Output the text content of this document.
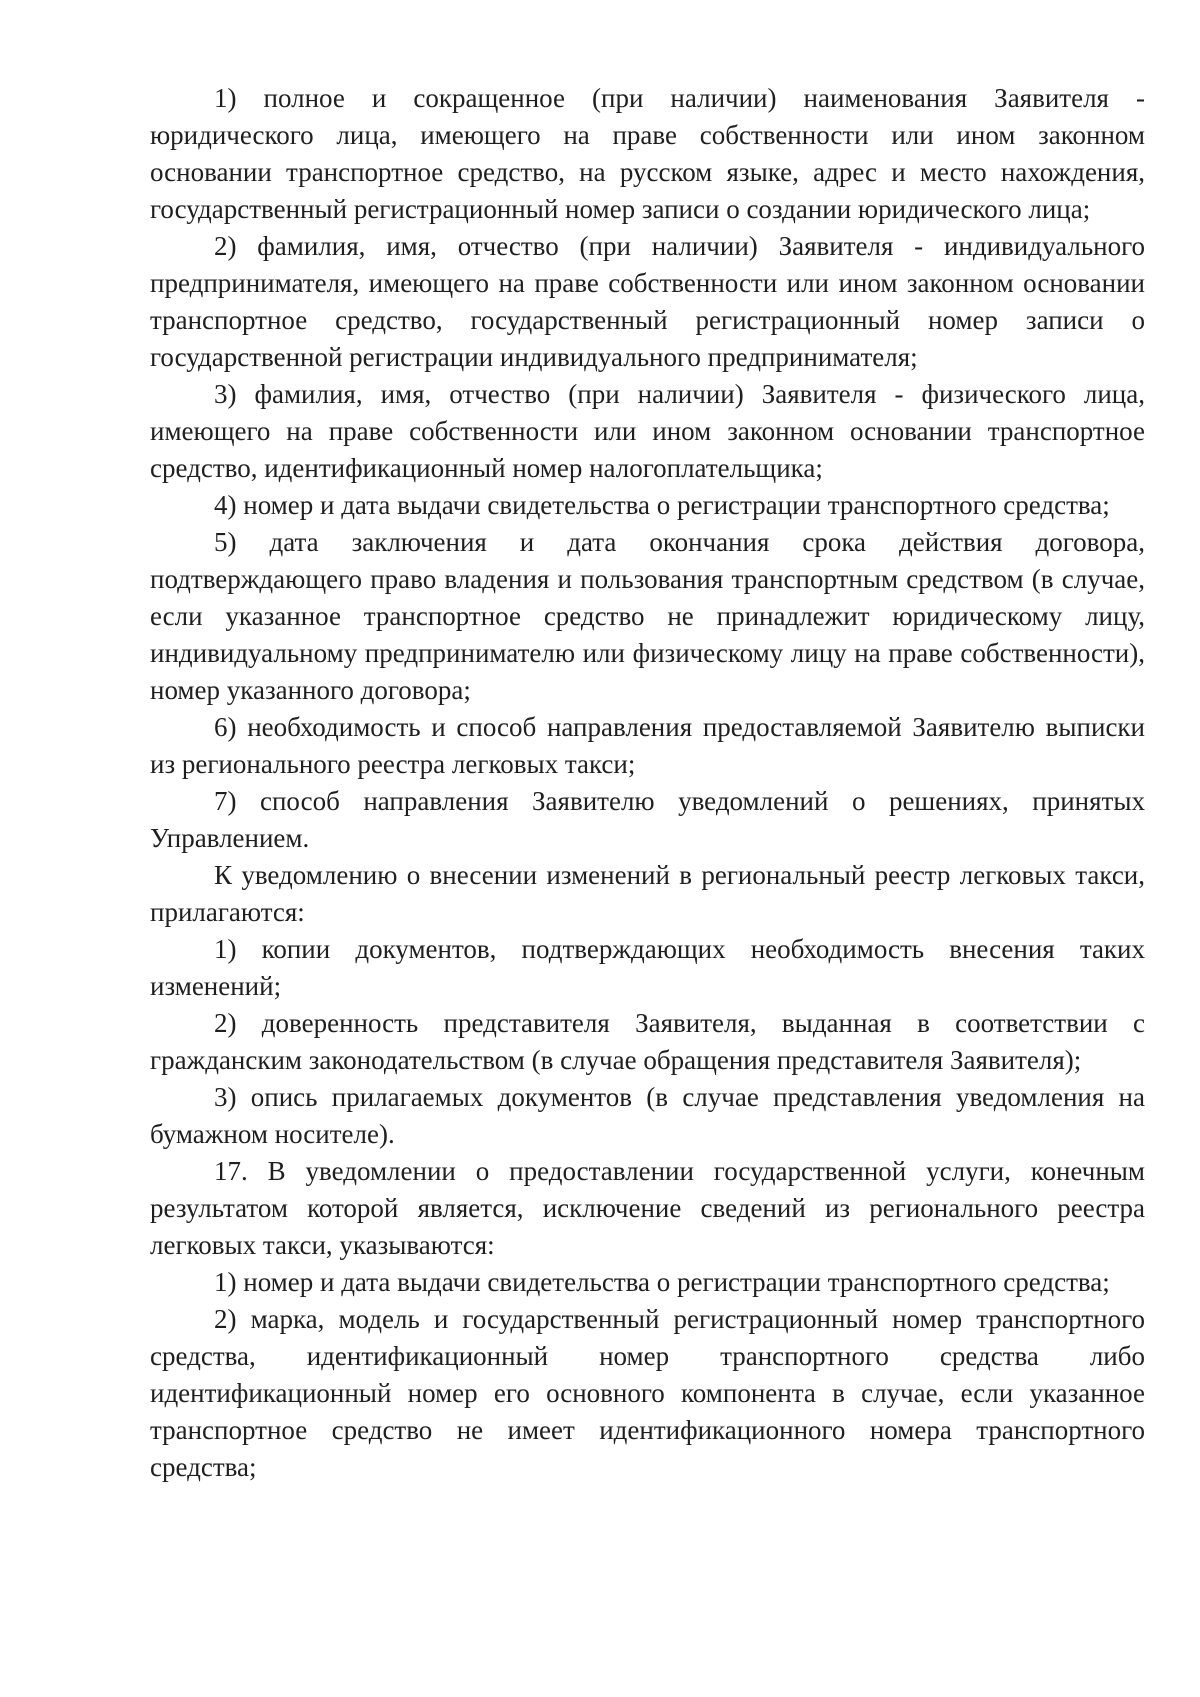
1) полное и сокращенное (при наличии) наименования Заявителя - юридического лица, имеющего на праве собственности или ином законном основании транспортное средство, на русском языке, адрес и место нахождения, государственный регистрационный номер записи о создании юридического лица;

2) фамилия, имя, отчество (при наличии) Заявителя - индивидуального предпринимателя, имеющего на праве собственности или ином законном основании транспортное средство, государственный регистрационный номер записи о государственной регистрации индивидуального предпринимателя;

3) фамилия, имя, отчество (при наличии) Заявителя - физического лица, имеющего на праве собственности или ином законном основании транспортное средство, идентификационный номер налогоплательщика;

4) номер и дата выдачи свидетельства о регистрации транспортного средства;

5) дата заключения и дата окончания срока действия договора, подтверждающего право владения и пользования транспортным средством (в случае, если указанное транспортное средство не принадлежит юридическому лицу, индивидуальному предпринимателю или физическому лицу на праве собственности), номер указанного договора;

6) необходимость и способ направления предоставляемой Заявителю выписки из регионального реестра легковых такси;

7) способ направления Заявителю уведомлений о решениях, принятых Управлением.

К уведомлению о внесении изменений в региональный реестр легковых такси, прилагаются:

1) копии документов, подтверждающих необходимость внесения таких изменений;

2) доверенность представителя Заявителя, выданная в соответствии с гражданским законодательством (в случае обращения представителя Заявителя);

3) опись прилагаемых документов (в случае представления уведомления на бумажном носителе).

17. В уведомлении о предоставлении государственной услуги, конечным результатом которой является, исключение сведений из регионального реестра легковых такси, указываются:

1) номер и дата выдачи свидетельства о регистрации транспортного средства;

2) марка, модель и государственный регистрационный номер транспортного средства, идентификационный номер транспортного средства либо идентификационный номер его основного компонента в случае, если указанное транспортное средство не имеет идентификационного номера транспортного средства;
